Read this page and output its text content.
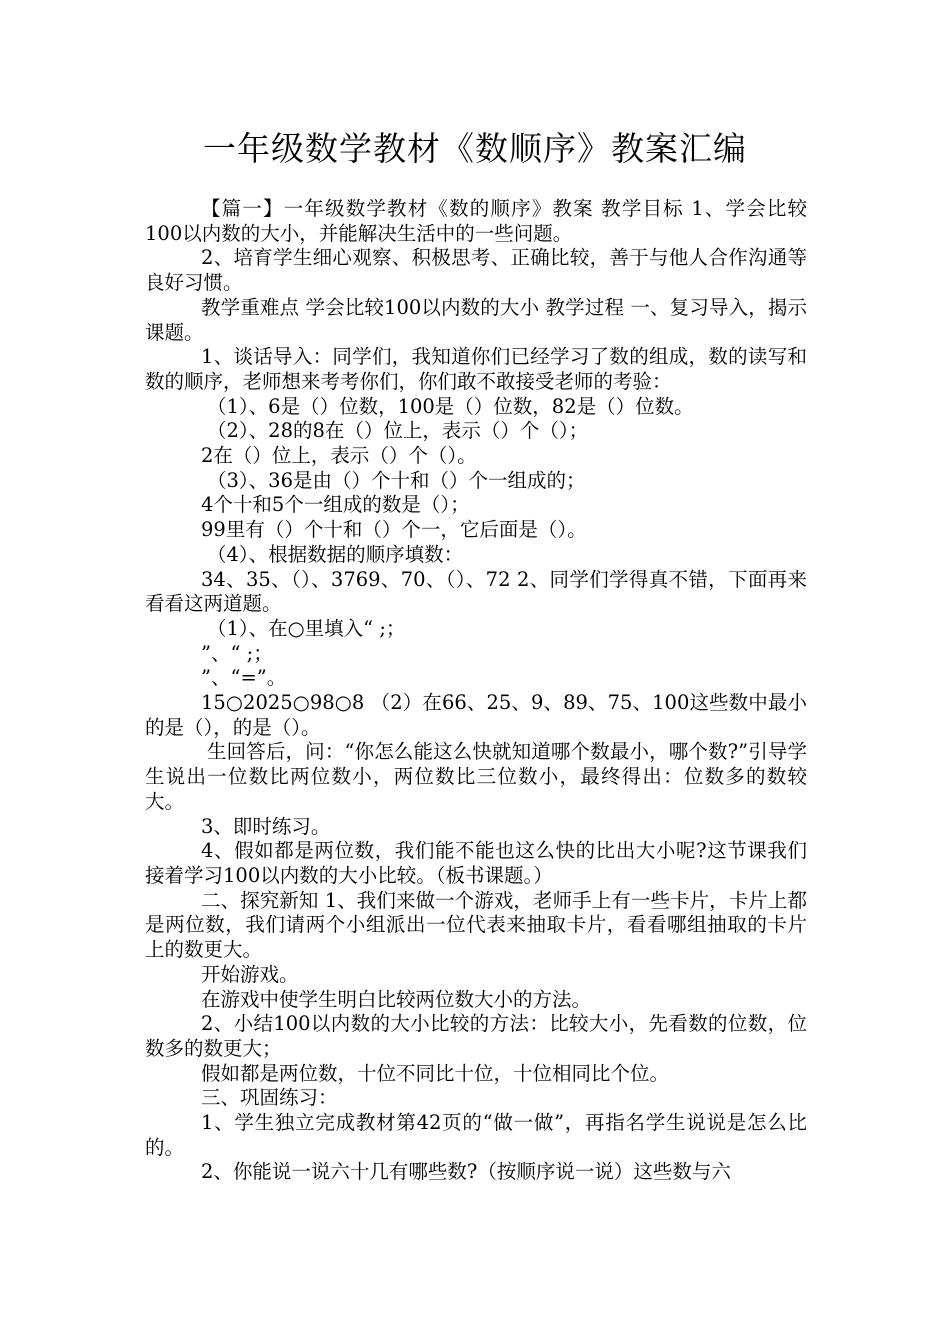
一年级数学教材《数顺序》教案汇编

【篇一】一年级数学教材《数的顺序》教案 教学目标 1、学会比较100以内数的大小，并能解决生活中的一些问题。

2、培育学生细心观察、积极思考、正确比较，善于与他人合作沟通等良好习惯。

教学重难点 学会比较100以内数的大小 教学过程 一、复习导入，揭示课题。

1、谈话导入：同学们，我知道你们已经学习了数的组成，数的读写和数的顺序，老师想来考考你们，你们敢不敢接受老师的考验：

（1）、6是（）位数，100是（）位数，82是（）位数。

（2）、28的8在（）位上，表示（）个（）；

2在（）位上，表示（）个（）。

（3）、36是由（）个十和（）个一组成的；

4个十和5个一组成的数是（）；

99里有（）个十和（）个一，它后面是（）。

（4）、根据数据的顺序填数：

34、35、（）、3769、70、（）、72 2、同学们学得真不错，下面再来看看这两道题。

（1）、在○里填入“ ;；

”、“ ;；

”、“=”。

15○2025○98○8 （2）在66、25、9、89、75、100这些数中最小的是（），的是（）。

生回答后，问：“你怎么能这么快就知道哪个数最小，哪个数?”引导学生说出一位数比两位数小，两位数比三位数小，最终得出：位数多的数较大。

3、即时练习。

4、假如都是两位数，我们能不能也这么快的比出大小呢?这节课我们接着学习100以内数的大小比较。（板书课题。）

二、探究新知 1、我们来做一个游戏，老师手上有一些卡片，卡片上都是两位数，我们请两个小组派出一位代表来抽取卡片，看看哪组抽取的卡片上的数更大。

开始游戏。

在游戏中使学生明白比较两位数大小的方法。

2、小结100以内数的大小比较的方法：比较大小，先看数的位数，位数多的数更大；

假如都是两位数，十位不同比十位，十位相同比个位。

三、巩固练习：

1、学生独立完成教材第42页的“做一做”，再指名学生说说是怎么比的。

2、你能说一说六十几有哪些数?（按顺序说一说）这些数与六
